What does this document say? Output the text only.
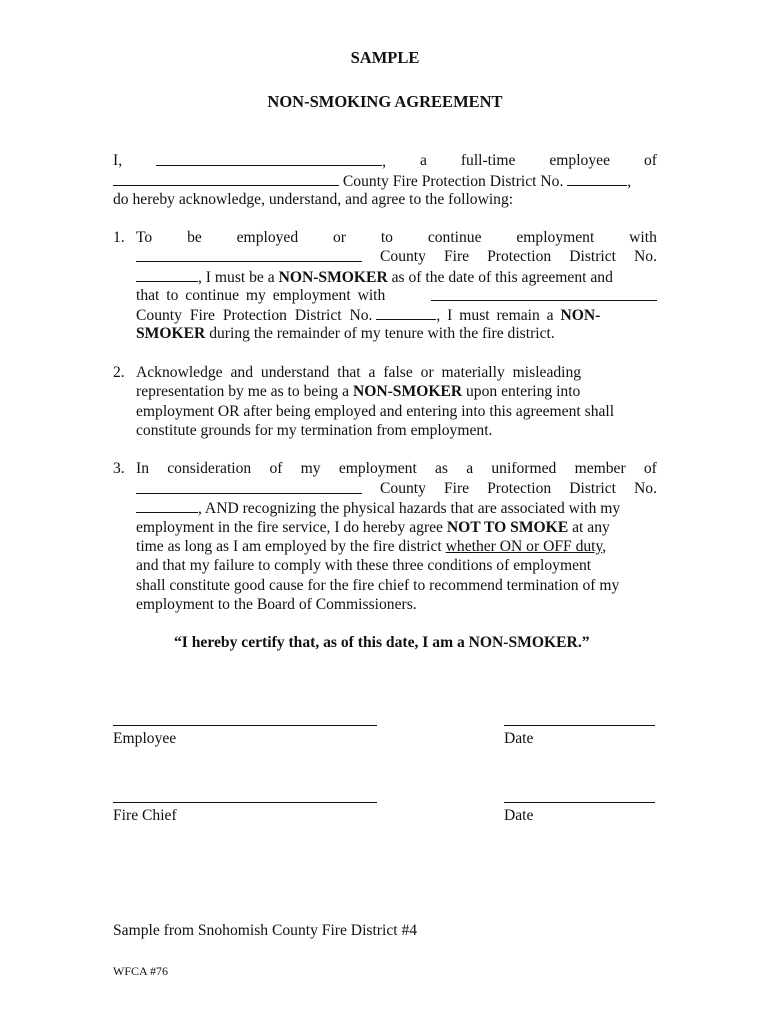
SAMPLE
NON-SMOKING AGREEMENT
I,	, a full-time employee of
County Fire Protection District No.	,
do hereby acknowledge, understand, and agree to the following:
1. To be employed or to continue employment with
County Fire Protection District No.
, I must be a NON-SMOKER as of the date of this agreement and
that to continue my employment with
County Fire Protection District No.	, I must remain a NON-
SMOKER during the remainder of my tenure with the fire district.
2. Acknowledge and understand that a false or materially misleading
representation by me as to being a NON-SMOKER upon entering into
employment OR after being employed and entering into this agreement shall
constitute grounds for my termination from employment.
3. In consideration of my employment as a uniformed member of
County Fire Protection District No.
, AND recognizing the physical hazards that are associated with my
employment in the fire service, I do hereby agree NOT TO SMOKE at any
time as long as I am employed by the fire district whether ON or OFF duty,
and that my failure to comply with these three conditions of employment
shall constitute good cause for the fire chief to recommend termination of my
employment to the Board of Commissioners.
“I hereby certify that, as of this date, I am a NON-SMOKER.”
Employee	Date
Fire Chief	Date
Sample from Snohomish County Fire District #4
WFCA #76
